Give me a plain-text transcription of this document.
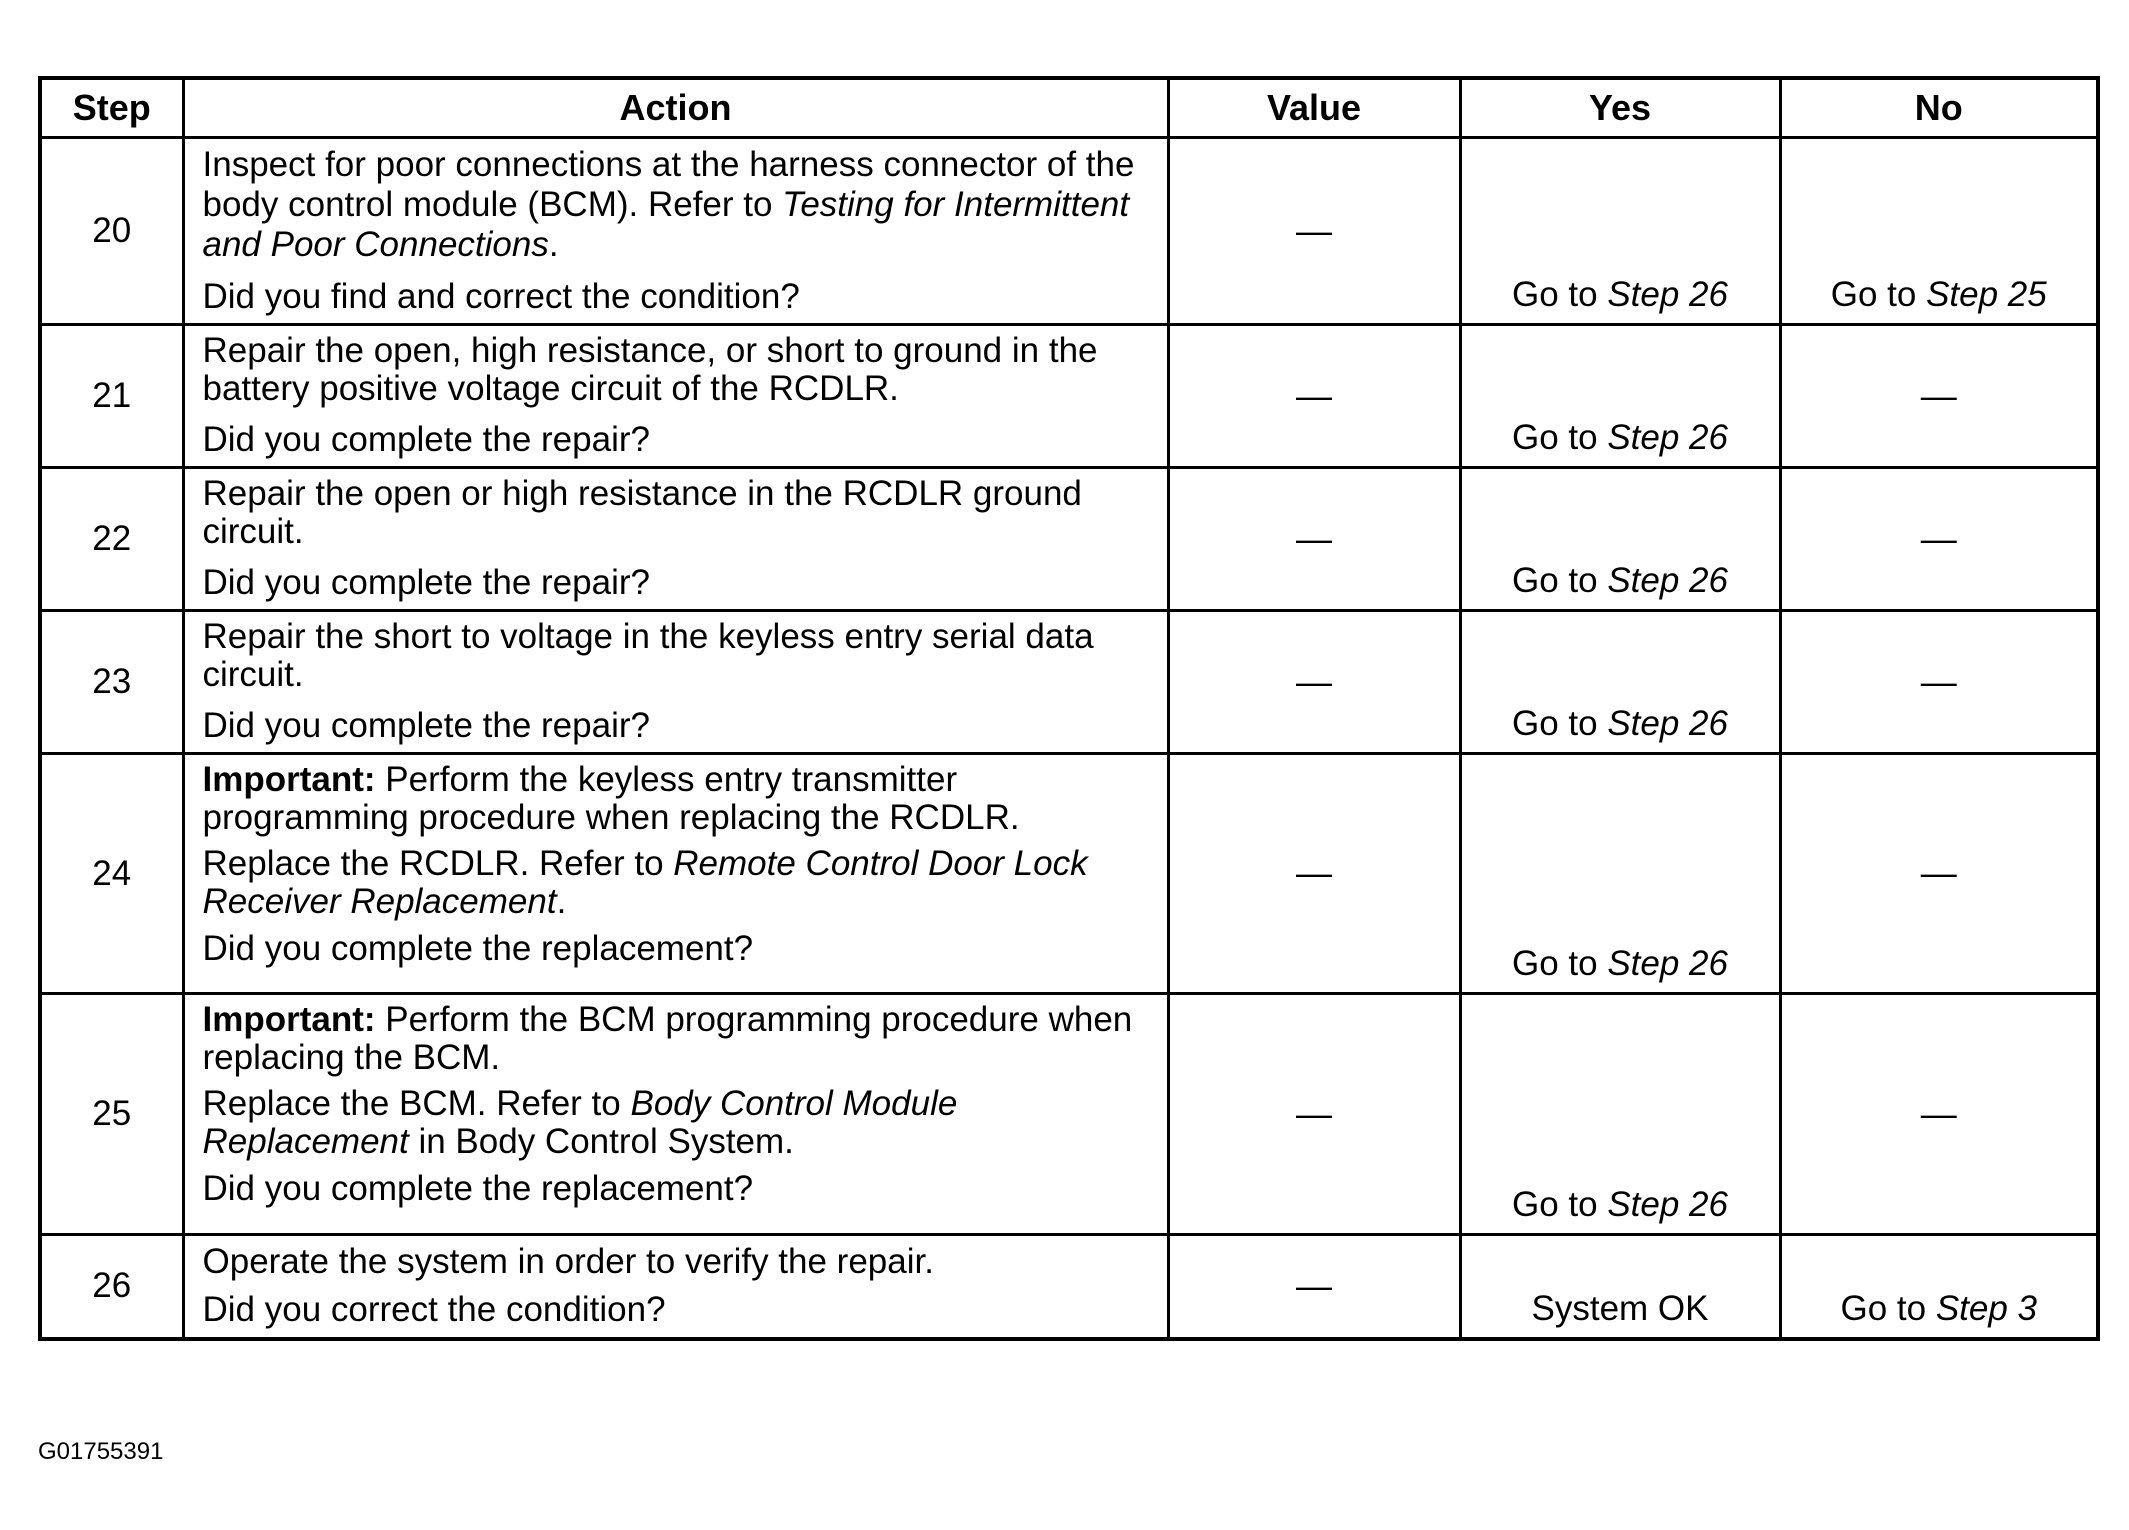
Step	Action	Value	Yes	No
20	Inspect for poor connections at the harness connector of the body control module (BCM). Refer to Testing for Intermittent and Poor Connections.

Did you find and correct the condition?	—	Go to Step 26	Go to Step 25
21	Repair the open, high resistance, or short to ground in the battery positive voltage circuit of the RCDLR.

Did you complete the repair?	—	Go to Step 26	—
22	Repair the open or high resistance in the RCDLR ground circuit.

Did you complete the repair?	—	Go to Step 26	—
23	Repair the short to voltage in the keyless entry serial data circuit.

Did you complete the repair?	—	Go to Step 26	—
24	Important: Perform the keyless entry transmitter programming procedure when replacing the RCDLR.

Replace the RCDLR. Refer to Remote Control Door Lock Receiver Replacement.

Did you complete the replacement?	—	Go to Step 26	—
25	Important: Perform the BCM programming procedure when replacing the BCM.

Replace the BCM. Refer to Body Control Module Replacement in Body Control System.

Did you complete the replacement?	—	Go to Step 26	—
26	Operate the system in order to verify the repair.

Did you correct the condition?	—	System OK	Go to Step 3
G01755391
